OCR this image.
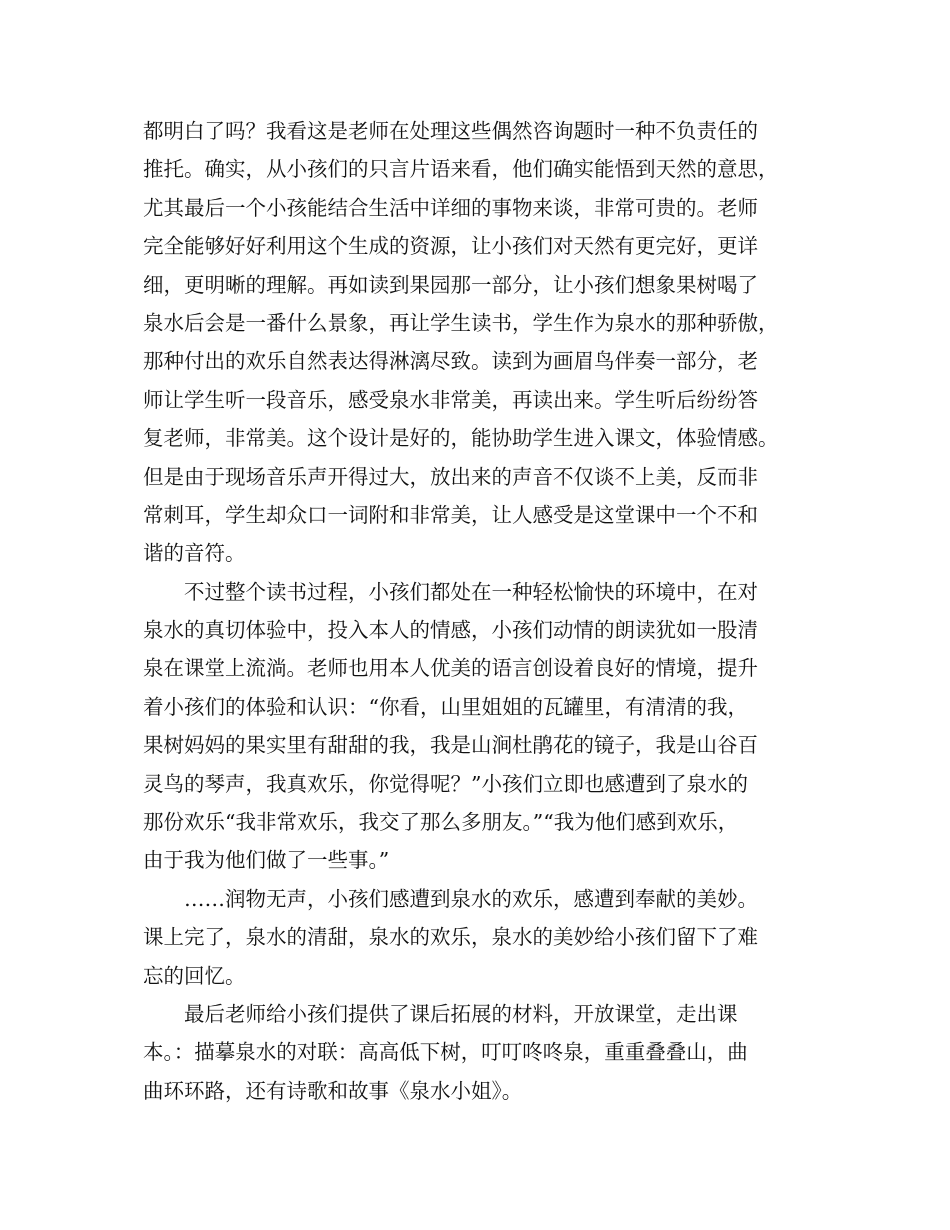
都明白了吗？我看这是老师在处理这些偶然咨询题时一种不负责任的
推托。确实，从小孩们的只言片语来看，他们确实能悟到天然的意思，
尤其最后一个小孩能结合生活中详细的事物来谈，非常可贵的。老师
完全能够好好利用这个生成的资源，让小孩们对天然有更完好，更详
细，更明晰的理解。再如读到果园那一部分，让小孩们想象果树喝了
泉水后会是一番什么景象，再让学生读书，学生作为泉水的那种骄傲，
那种付出的欢乐自然表达得淋漓尽致。读到为画眉鸟伴奏一部分，老
师让学生听一段音乐，感受泉水非常美，再读出来。学生听后纷纷答
复老师，非常美。这个设计是好的，能协助学生进入课文，体验情感。
但是由于现场音乐声开得过大，放出来的声音不仅谈不上美，反而非
常刺耳，学生却众口一词附和非常美，让人感受是这堂课中一个不和
谐的音符。
不过整个读书过程，小孩们都处在一种轻松愉快的环境中，在对
泉水的真切体验中，投入本人的情感，小孩们动情的朗读犹如一股清
泉在课堂上流淌。老师也用本人优美的语言创设着良好的情境，提升
着小孩们的体验和认识：“你看，山里姐姐的瓦罐里，有清清的我，
果树妈妈的果实里有甜甜的我，我是山涧杜鹃花的镜子，我是山谷百
灵鸟的琴声，我真欢乐，你觉得呢？”小孩们立即也感遭到了泉水的
那份欢乐“我非常欢乐，我交了那么多朋友。”“我为他们感到欢乐，
由于我为他们做了一些事。”
……润物无声，小孩们感遭到泉水的欢乐，感遭到奉献的美妙。
课上完了，泉水的清甜，泉水的欢乐，泉水的美妙给小孩们留下了难
忘的回忆。
最后老师给小孩们提供了课后拓展的材料，开放课堂，走出课
本。：描摹泉水的对联：高高低下树，叮叮咚咚泉，重重叠叠山，曲
曲环环路，还有诗歌和故事《泉水小姐》。
